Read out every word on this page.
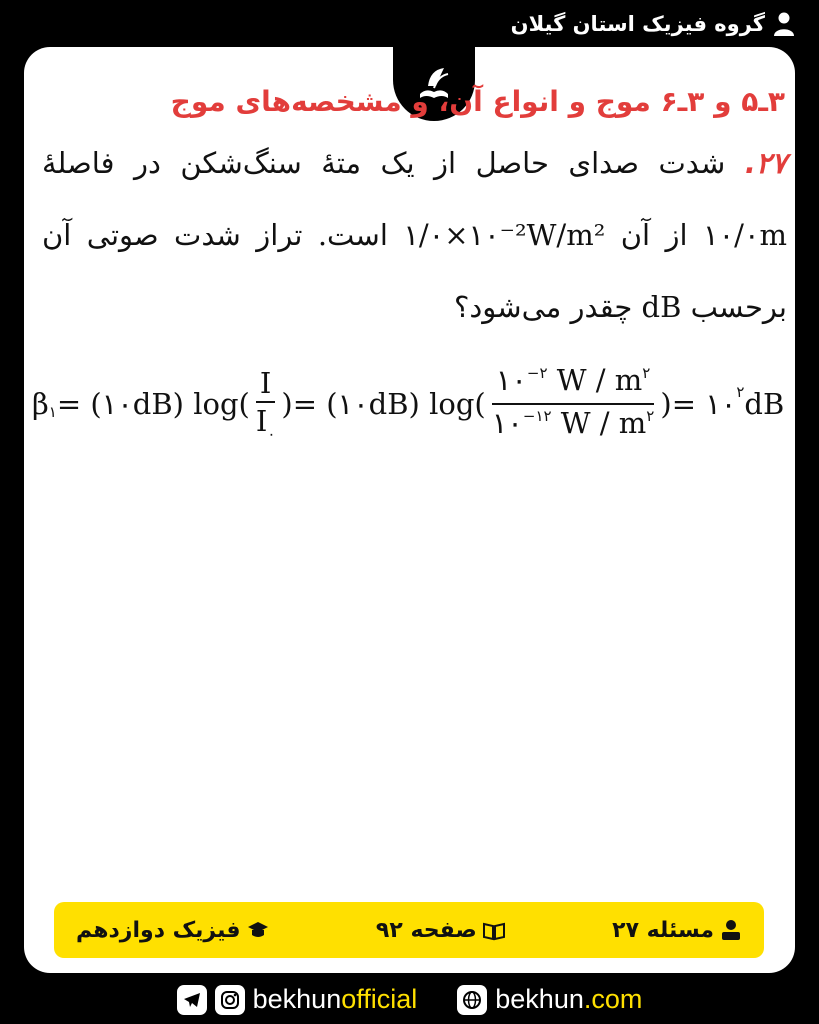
گروه فیزیک استان گیلان
۳ـ۵ و ۳ـ۶ موج و انواع آن، و مشخصه‌های موج
۲۷. شدت صدای حاصل از یک متهٔ سنگ‌شکن در فاصلهٔ ۱۰/۰m از آن ۱/۰×۱۰⁻²W/m² است. تراز شدت صوتی آن برحسب dB چقدر می‌شود؟
β ۱ = (۱۰dB) $\log( \frac{I}{I_۰}$ ) = (۱۰dB) $\log( \frac{۱۰^{-۲} W / m^۲}{۱۰^{-۱۲} W / m^۲}$ ) = ۱۰ ۲ dB
مسئله ۲۷
صفحه ۹۲
فیزیک دوازدهم
bekhunofficial	bekhun.com
